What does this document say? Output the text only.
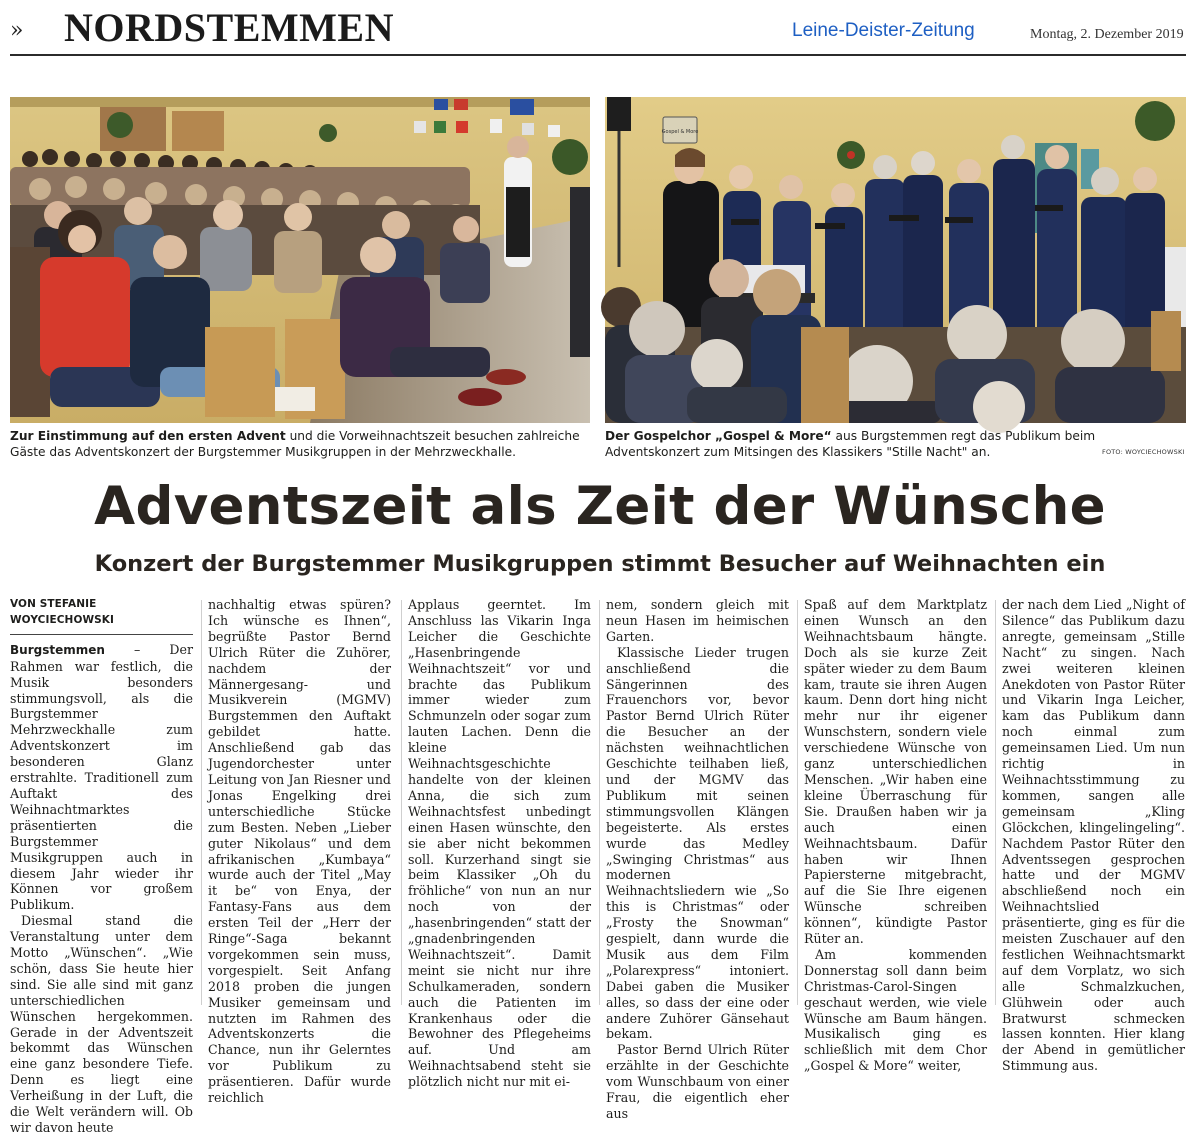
» NORDSTEMMEN	Leine-Deister-Zeitung	Montag, 2. Dezember 2019
Gospel & More
Zur Einstimmung auf den ersten Advent und die Vorweihnachtszeit besuchen zahlreiche Gäste das Adventskonzert der Burgstemmer Musikgruppen in der Mehrzweckhalle.
Der Gospelchor „Gospel & More“ aus Burgstemmen regt das Publikum beim Adventskonzert zum Mitsingen des Klassikers "Stille Nacht" an.	FOTO: WOYCIECHOWSKI
Adventszeit als Zeit der Wünsche
Konzert der Burgstemmer Musikgruppen stimmt Besucher auf Weihnachten ein
VON STEFANIE WOYCIECHOWSKI

Burgstemmen – Der Rahmen war festlich, die Musik besonders stimmungsvoll, als die Burgstemmer Mehrzweckhalle zum Adventskonzert im besonderen Glanz erstrahlte. Traditionell zum Auftakt des Weihnachtmarktes präsentierten die Burgstemmer Musikgruppen auch in diesem Jahr wieder ihr Können vor großem Publikum.

Diesmal stand die Veranstaltung unter dem Motto „Wünschen“. „Wie schön, dass Sie heute hier sind. Sie alle sind mit ganz unterschiedlichen Wünschen hergekommen. Gerade in der Adventszeit bekommt das Wünschen eine ganz besondere Tiefe. Denn es liegt eine Verheißung in der Luft, die die Welt verändern will. Ob wir davon heute

nachhaltig etwas spüren? Ich wünsche es Ihnen“, begrüßte Pastor Bernd Ulrich Rüter die Zuhörer, nachdem der Männergesang- und Musikverein (MGMV) Burgstemmen den Auftakt gebildet hatte. Anschließend gab das Jugendorchester unter Leitung von Jan Riesner und Jonas Engelking drei unterschiedliche Stücke zum Besten. Neben „Lieber guter Nikolaus“ und dem afrikanischen „Kumbaya“ wurde auch der Titel „May it be“ von Enya, der Fantasy-Fans aus dem ersten Teil der „Herr der Ringe“-Saga bekannt vorgekommen sein muss, vorgespielt. Seit Anfang 2018 proben die jungen Musiker gemeinsam und nutzten im Rahmen des Adventskonzerts die Chance, nun ihr Gelerntes vor Publikum zu präsentieren. Dafür wurde reichlich

Applaus geerntet. Im Anschluss las Vikarin Inga Leicher die Geschichte „Hasenbringende Weihnachtszeit“ vor und brachte das Publikum immer wieder zum Schmunzeln oder sogar zum lauten Lachen. Denn die kleine Weihnachtsgeschichte handelte von der kleinen Anna, die sich zum Weihnachtsfest unbedingt einen Hasen wünschte, den sie aber nicht bekommen soll. Kurzerhand singt sie beim Klassiker „Oh du fröhliche“ von nun an nur noch von der „hasenbringenden“ statt der „gnadenbringenden Weihnachtszeit“. Damit meint sie nicht nur ihre Schulkameraden, sondern auch die Patienten im Krankenhaus oder die Bewohner des Pflegeheims auf. Und am Weihnachtsabend steht sie plötzlich nicht nur mit ei-

nem, sondern gleich mit neun Hasen im heimischen Garten.

Klassische Lieder trugen anschließend die Sängerinnen des Frauenchors vor, bevor Pastor Bernd Ulrich Rüter die Besucher an der nächsten weihnachtlichen Geschichte teilhaben ließ, und der MGMV das Publikum mit seinen stimmungsvollen Klängen begeisterte. Als erstes wurde das Medley „Swinging Christmas“ aus modernen Weihnachtsliedern wie „So this is Christmas“ oder „Frosty the Snowman“ gespielt, dann wurde die Musik aus dem Film „Polarexpress“ intoniert. Dabei gaben die Musiker alles, so dass der eine oder andere Zuhörer Gänsehaut bekam.

Pastor Bernd Ulrich Rüter erzählte in der Geschichte vom Wunschbaum von einer Frau, die eigentlich eher aus

Spaß auf dem Marktplatz einen Wunsch an den Weihnachtsbaum hängte. Doch als sie kurze Zeit später wieder zu dem Baum kam, traute sie ihren Augen kaum. Denn dort hing nicht mehr nur ihr eigener Wunschstern, sondern viele verschiedene Wünsche von ganz unterschiedlichen Menschen. „Wir haben eine kleine Überraschung für Sie. Draußen haben wir ja auch einen Weihnachtsbaum. Dafür haben wir Ihnen Papiersterne mitgebracht, auf die Sie Ihre eigenen Wünsche schreiben können“, kündigte Pastor Rüter an.

Am kommenden Donnerstag soll dann beim Christmas-Carol-Singen geschaut werden, wie viele Wünsche am Baum hängen. Musikalisch ging es schließlich mit dem Chor „Gospel & More“ weiter,

der nach dem Lied „Night of Silence“ das Publikum dazu anregte, gemeinsam „Stille Nacht“ zu singen. Nach zwei weiteren kleinen Anekdoten von Pastor Rüter und Vikarin Inga Leicher, kam das Publikum dann noch einmal zum gemeinsamen Lied. Um nun richtig in Weihnachtsstimmung zu kommen, sangen alle gemeinsam „Kling Glöckchen, klingelingeling“. Nachdem Pastor Rüter den Adventssegen gesprochen hatte und der MGMV abschließend noch ein Weihnachtslied präsentierte, ging es für die meisten Zuschauer auf den festlichen Weihnachtsmarkt auf dem Vorplatz, wo sich alle Schmalzkuchen, Glühwein oder auch Bratwurst schmecken lassen konnten. Hier klang der Abend in gemütlicher Stimmung aus.
